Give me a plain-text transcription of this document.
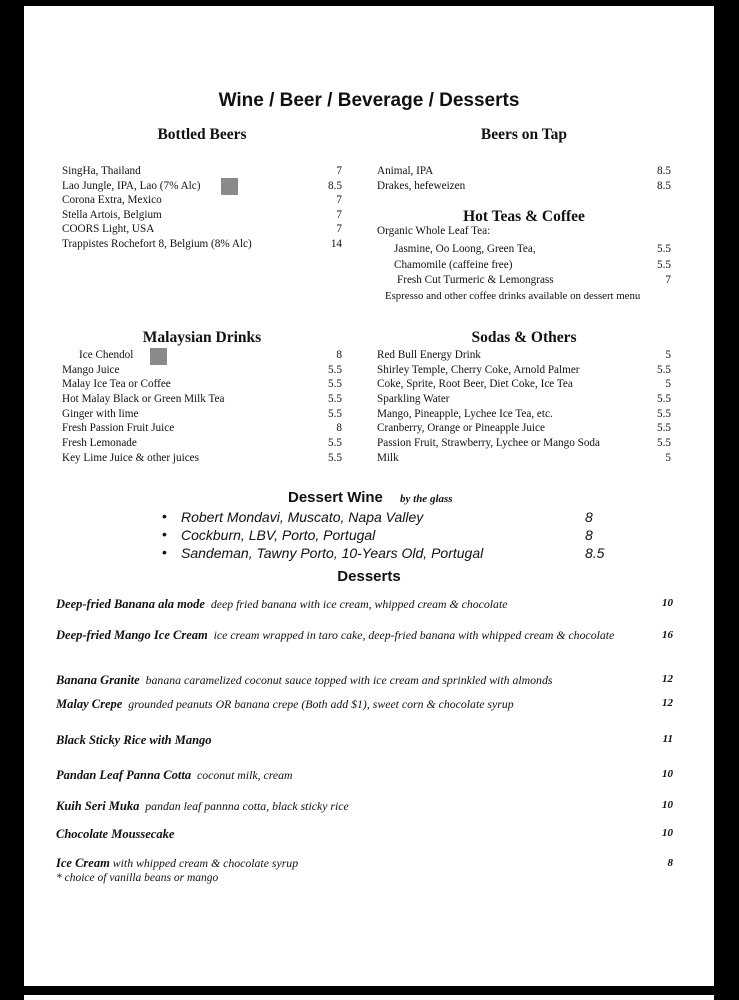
Wine / Beer / Beverage / Desserts
Bottled Beers
SingHa, Thailand	7
Lao Jungle, IPA, Lao (7% Alc)	8.5
Corona Extra, Mexico	7
Stella Artois, Belgium	7
COORS Light, USA	7
Trappistes Rochefort 8, Belgium (8% Alc)	14
Beers on Tap
Animal, IPA	8.5
Drakes, hefeweizen	8.5
Hot Teas & Coffee
Organic Whole Leaf Tea:
Jasmine, Oo Loong, Green Tea,	5.5
Chamomile (caffeine free)	5.5
Fresh Cut Turmeric & Lemongrass	7
Espresso and other coffee drinks available on dessert menu
Malaysian Drinks
Ice Chendol	8
Mango Juice	5.5
Malay Ice Tea or Coffee	5.5
Hot Malay Black or Green Milk Tea	5.5
Ginger with lime	5.5
Fresh Passion Fruit Juice	8
Fresh Lemonade	5.5
Key Lime Juice & other juices	5.5
Sodas & Others
Red Bull Energy Drink	5
Shirley Temple, Cherry Coke, Arnold Palmer	5.5
Coke, Sprite, Root Beer, Diet Coke, Ice Tea	5
Sparkling Water	5.5
Mango, Pineapple, Lychee Ice Tea, etc.	5.5
Cranberry, Orange or Pineapple Juice	5.5
Passion Fruit, Strawberry, Lychee or Mango Soda	5.5
Milk	5
Dessert Wine by the glass
• Robert Mondavi, Muscato, Napa Valley	8
• Cockburn, LBV, Porto, Portugal	8
• Sandeman, Tawny Porto, 10-Years Old, Portugal	8.5
Desserts
Deep-fried Banana ala mode deep fried banana with ice cream, whipped cream & chocolate	10
Deep-fried Mango Ice Cream ice cream wrapped in taro cake, deep-fried banana with whipped cream & chocolate	16
Banana Granite banana caramelized coconut sauce topped with ice cream and sprinkled with almonds	12
Malay Crepe grounded peanuts OR banana crepe (Both add $1), sweet corn & chocolate syrup	12
Black Sticky Rice with Mango	11
Pandan Leaf Panna Cotta coconut milk, cream	10
Kuih Seri Muka pandan leaf pannna cotta, black sticky rice	10
Chocolate Moussecake	10
Ice Cream with whipped cream & chocolate syrup	8
* choice of vanilla beans or mango
